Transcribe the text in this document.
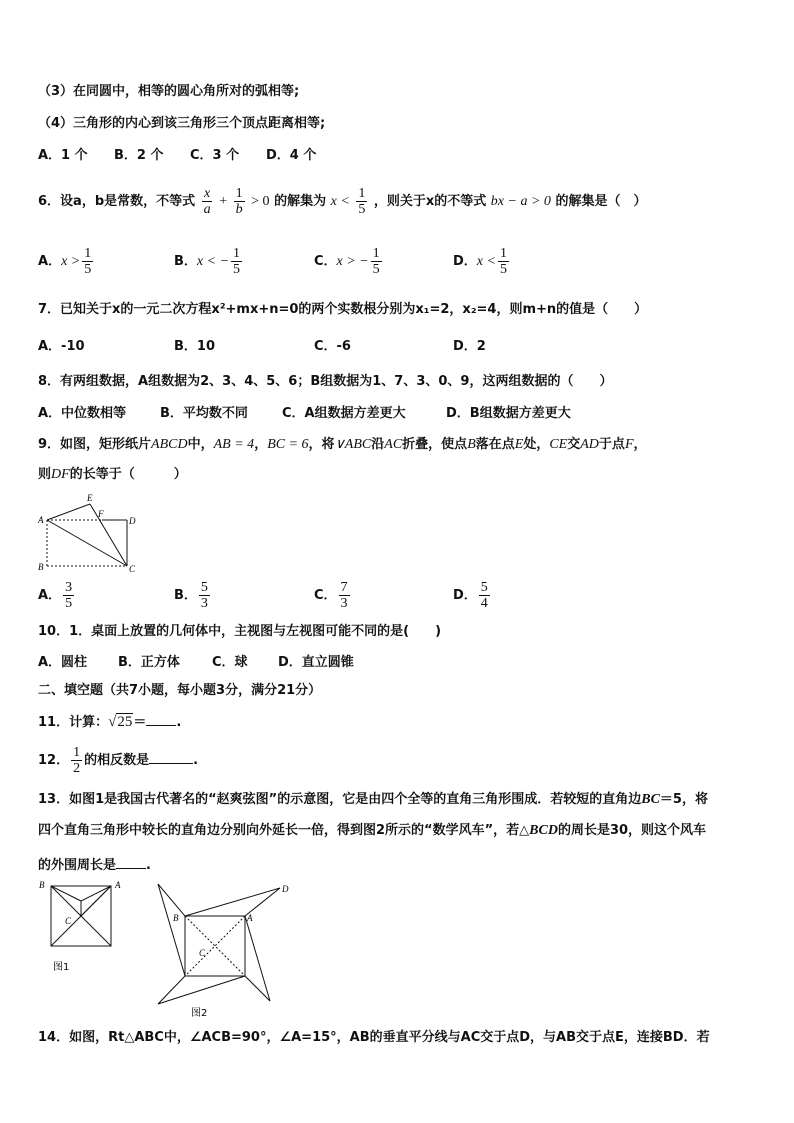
（3）在同圆中，相等的圆心角所对的弧相等;
（4）三角形的内心到该三角形三个顶点距离相等;
A．1 个 B．2 个 C．3 个 D．4 个
6．设a，b是常数，不等式 $\frac{x}{a} + \frac{1}{b} > 0$ 的解集为 $x < \frac{1}{5}$ ，则关于x的不等式 bx − a > 0 的解集是（　）
A．$x > \frac{1}{5}$	B．x < − $\frac{1}{5}$	C．x > − $\frac{1}{5}$	D．$x < \frac{1}{5}$
7．已知关于x的一元二次方程x²+mx+n=0的两个实数根分别为x₁=2，x₂=4，则m+n的值是（　　）
A．-10	B．10	C．-6	D．2
8．有两组数据，A组数据为2、3、4、5、6；B组数据为1、7、3、0、9，这两组数据的（　　）
A．中位数相等	B．平均数不同	C．A组数据方差更大	D．B组数据方差更大
9．如图，矩形纸片ABCD中，AB = 4，BC = 6，将∨ABC沿AC折叠，使点B落在点E处，CE交AD于点F，
则DF的长等于（　　　）
A
B	C
D
E
F
A． $\frac{3}{5}$	B． $\frac{5}{3}$	C． $\frac{7}{3}$	D． $\frac{5}{4}$
10．1．桌面上放置的几何体中，主视图与左视图可能不同的是(　　)
A．圆柱 B．正方体 C．球 D．直立圆锥
二、填空题（共7小题，每小题3分，满分21分）
11．计算：√25＝ .
12． $\frac{1}{2}$ 的相反数是	.
13．如图1是我国古代著名的“赵爽弦图”的示意图，它是由四个全等的直角三角形围成．若较短的直角边BC＝5，将
四个直角三角形中较长的直角边分别向外延长一倍，得到图2所示的“数学风车”，若△BCD的周长是30，则这个风车
的外围周长是 .
B	A
C
图1
B	A
D
C
图2
14．如图，Rt△ABC中，∠ACB=90°，∠A=15°，AB的垂直平分线与AC交于点D，与AB交于点E，连接BD．若
